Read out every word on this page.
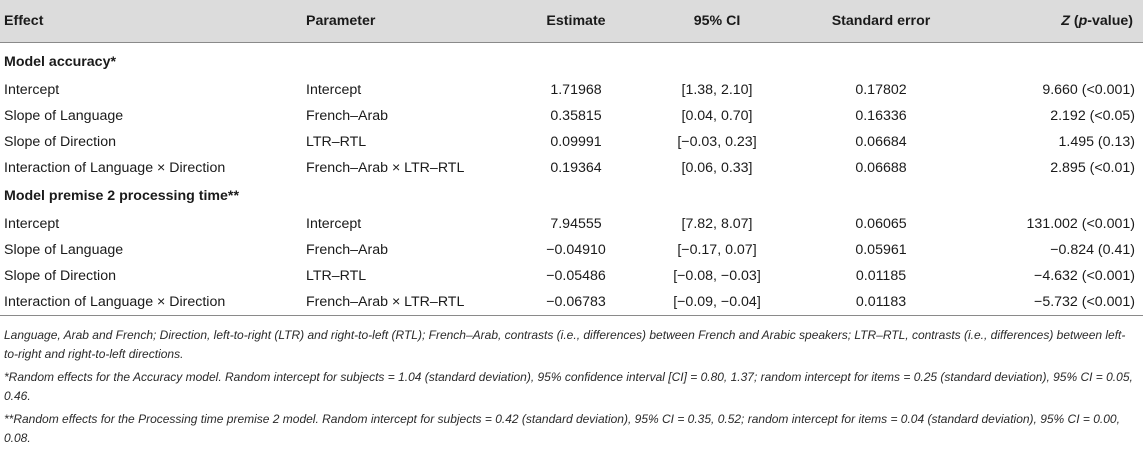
Effect	Parameter	Estimate	95% CI	Standard error	Z (p-value)
Model accuracy*					
Intercept	Intercept	1.71968	[1.38, 2.10]	0.17802	9.660 (<0.001)
Slope of Language	French–Arab	0.35815	[0.04, 0.70]	0.16336	2.192 (<0.05)
Slope of Direction	LTR–RTL	0.09991	[−0.03, 0.23]	0.06684	1.495 (0.13)
Interaction of Language × Direction	French–Arab × LTR–RTL	0.19364	[0.06, 0.33]	0.06688	2.895 (<0.01)
Model premise 2 processing time**					
Intercept	Intercept	7.94555	[7.82, 8.07]	0.06065	131.002 (<0.001)
Slope of Language	French–Arab	−0.04910	[−0.17, 0.07]	0.05961	−0.824 (0.41)
Slope of Direction	LTR–RTL	−0.05486	[−0.08, −0.03]	0.01185	−4.632 (<0.001)
Interaction of Language × Direction	French–Arab × LTR–RTL	−0.06783	[−0.09, −0.04]	0.01183	−5.732 (<0.001)

Language, Arab and French; Direction, left-to-right (LTR) and right-to-left (RTL); French–Arab, contrasts (i.e., differences) between French and Arabic speakers; LTR–RTL, contrasts (i.e., differences) between left-to-right and right-to-left directions.

*Random effects for the Accuracy model. Random intercept for subjects = 1.04 (standard deviation), 95% confidence interval [CI] = 0.80, 1.37; random intercept for items = 0.25 (standard deviation), 95% CI = 0.05, 0.46.

**Random effects for the Processing time premise 2 model. Random intercept for subjects = 0.42 (standard deviation), 95% CI = 0.35, 0.52; random intercept for items = 0.04 (standard deviation), 95% CI = 0.00, 0.08.
